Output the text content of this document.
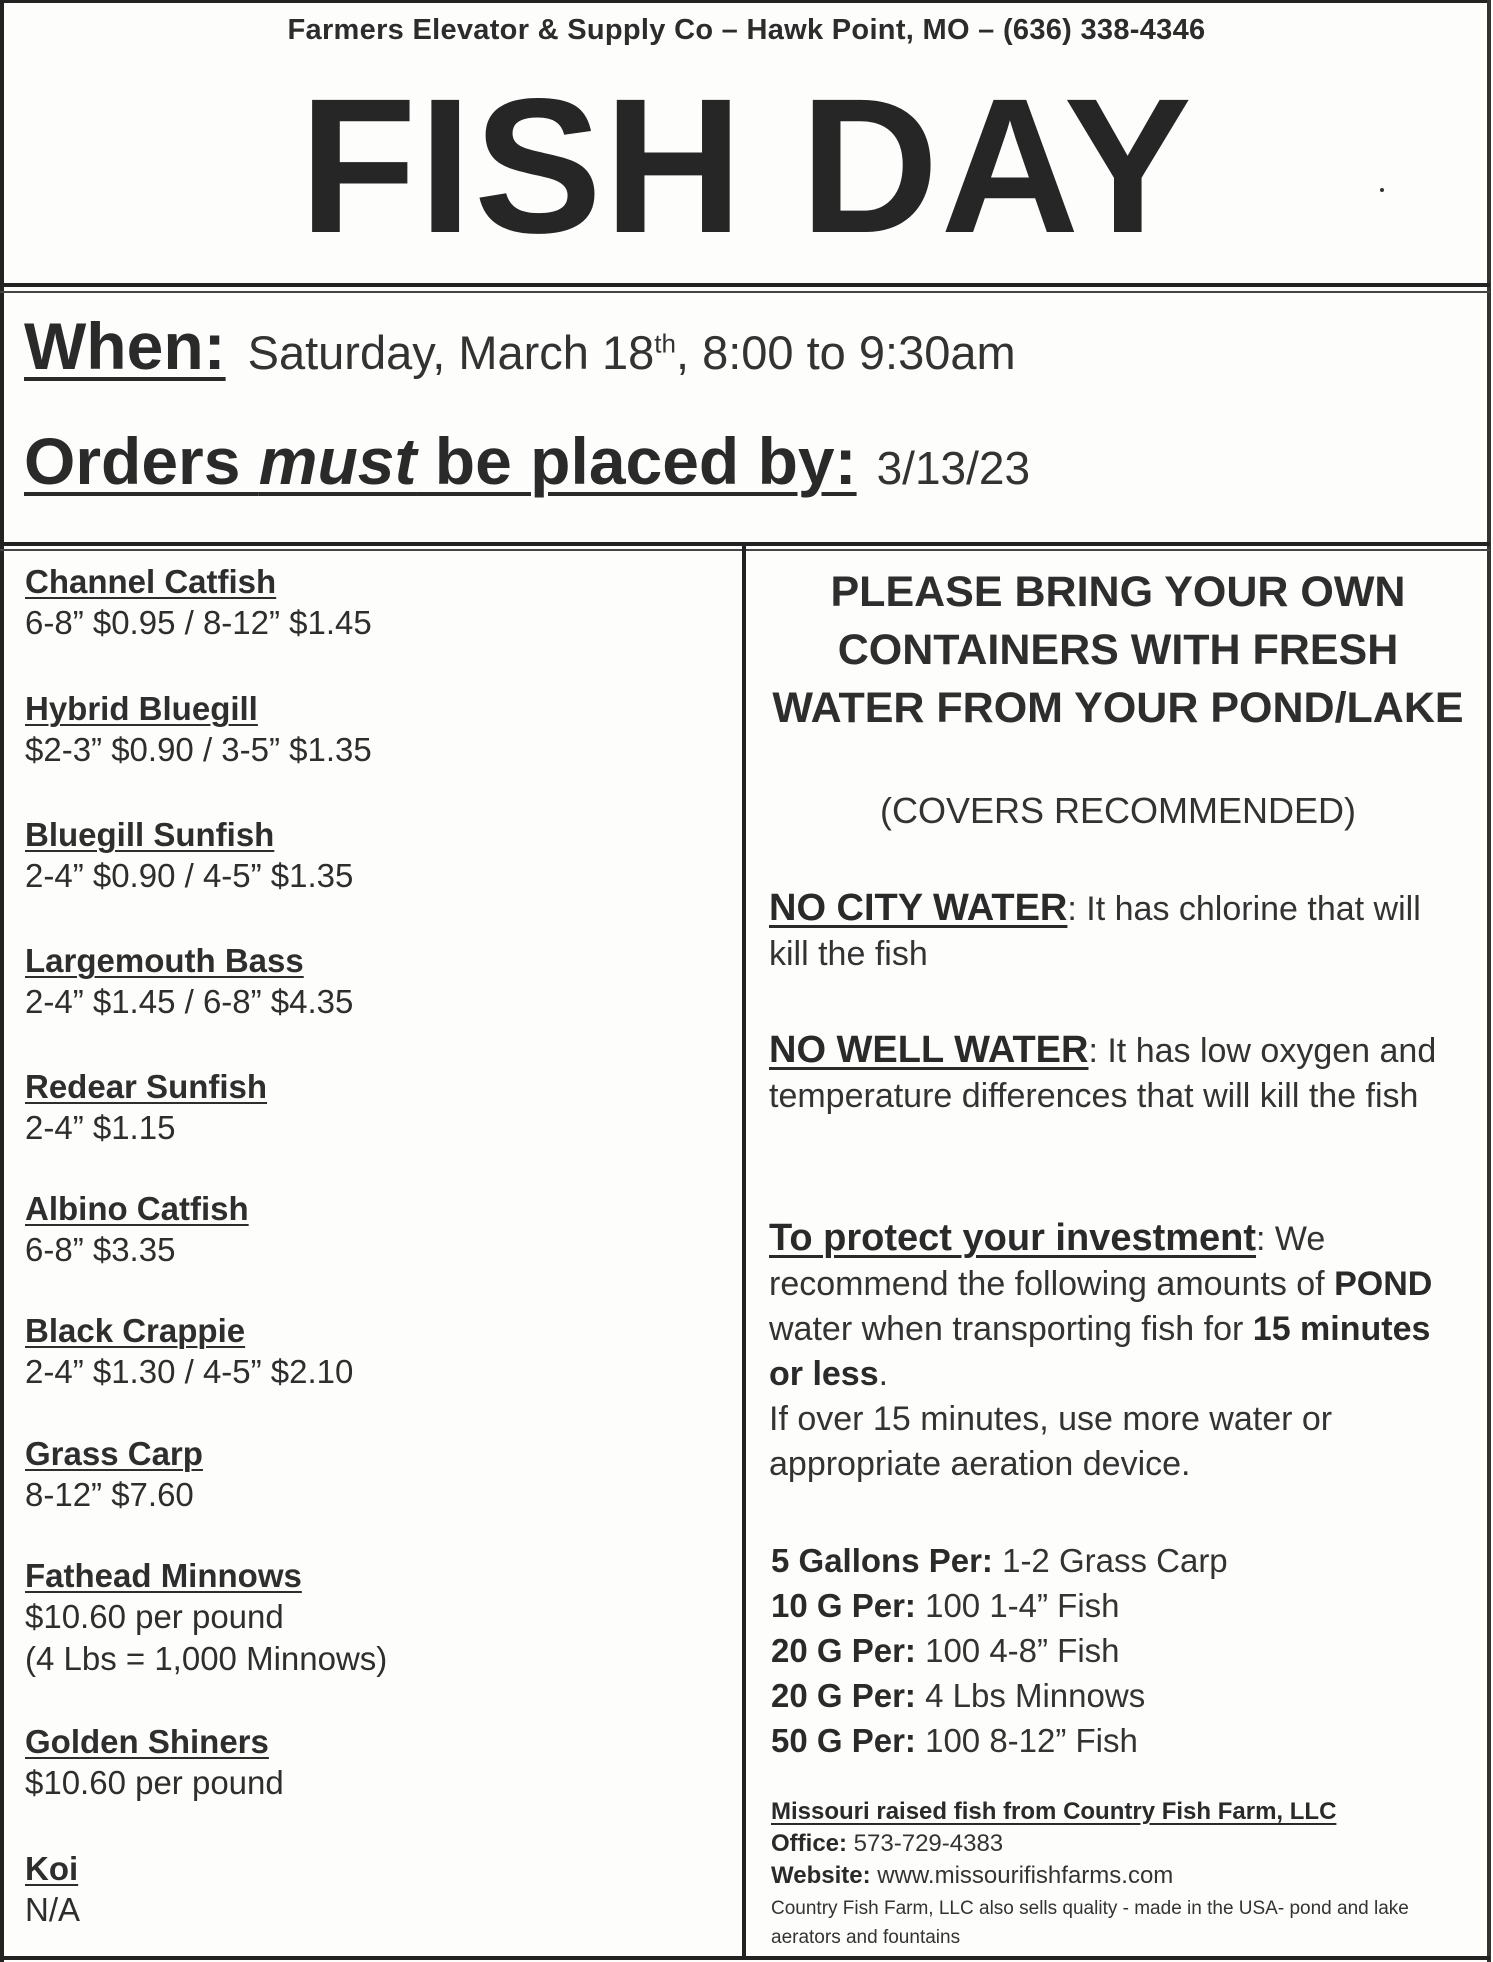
Farmers Elevator & Supply Co – Hawk Point, MO – (636) 338-4346
FISH DAY
When: Saturday, March 18th, 8:00 to 9:30am
Orders must be placed by: 3/13/23
Channel Catfish
6-8” $0.95 / 8-12” $1.45
Hybrid Bluegill
$2-3” $0.90 / 3-5” $1.35
Bluegill Sunfish
2-4” $0.90 / 4-5” $1.35
Largemouth Bass
2-4” $1.45 / 6-8” $4.35
Redear Sunfish
2-4” $1.15
Albino Catfish
6-8” $3.35
Black Crappie
2-4” $1.30 / 4-5” $2.10
Grass Carp
8-12” $7.60
Fathead Minnows
$10.60 per pound
(4 Lbs = 1,000 Minnows)
Golden Shiners
$10.60 per pound
Koi
N/A
PLEASE BRING YOUR OWN CONTAINERS WITH FRESH WATER FROM YOUR POND/LAKE
(COVERS RECOMMENDED)
NO CITY WATER: It has chlorine that will kill the fish
NO WELL WATER: It has low oxygen and temperature differences that will kill the fish
To protect your investment: We recommend the following amounts of POND water when transporting fish for 15 minutes or less.
If over 15 minutes, use more water or appropriate aeration device.
5 Gallons Per: 1-2 Grass Carp
10 G Per: 100 1-4” Fish
20 G Per: 100 4-8” Fish
20 G Per: 4 Lbs Minnows
50 G Per: 100 8-12” Fish
Missouri raised fish from Country Fish Farm, LLC
Office: 573-729-4383
Website: www.missourifishfarms.com
Country Fish Farm, LLC also sells quality - made in the USA- pond and lake aerators and fountains
